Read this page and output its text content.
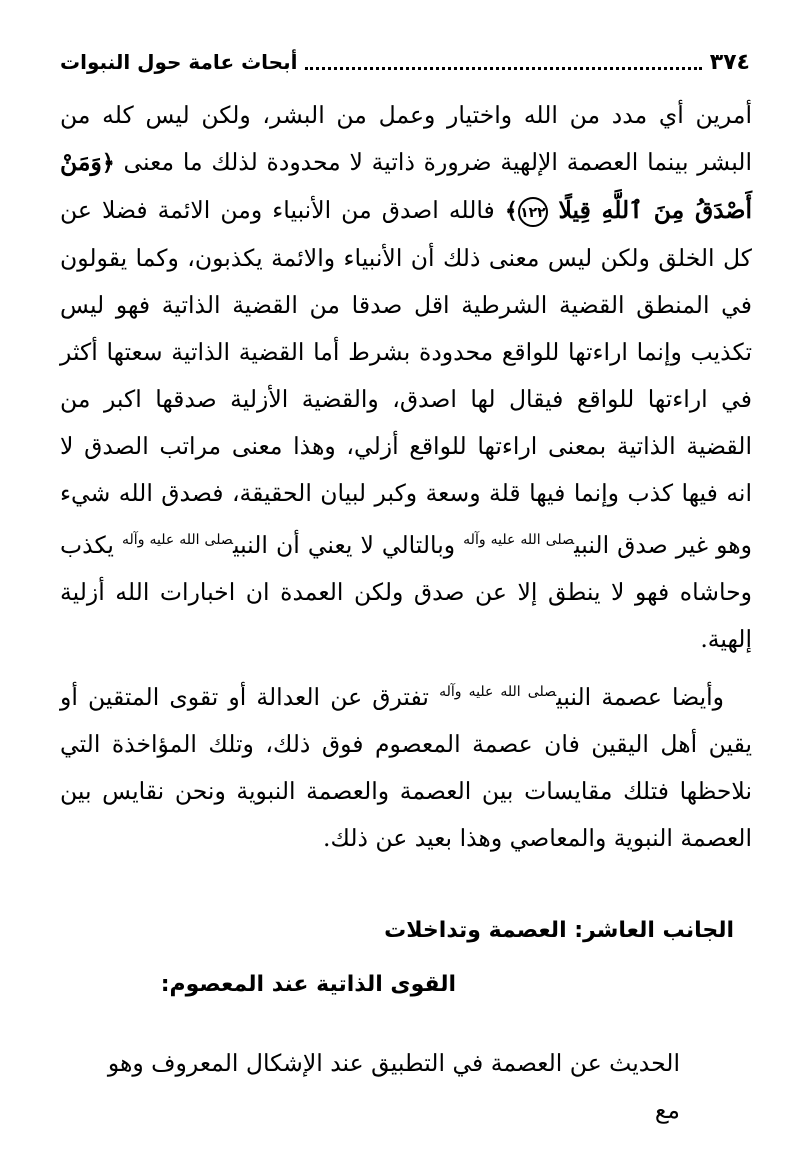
٣٧٤
أبحاث عامة حول النبوات

أمرين أي مدد من الله واختيار وعمل من البشر، ولكن ليس كله من البشر بينما العصمة الإلهية ضرورة ذاتية لا محدودة لذلك ما معنى ﴿وَمَنْ أَصْدَقُ مِنَ ٱللَّهِ قِيلًا ١٢٢﴾ فالله اصدق من الأنبياء ومن الائمة فضلا عن كل الخلق ولكن ليس معنى ذلك أن الأنبياء والائمة يكذبون، وكما يقولون في المنطق القضية الشرطية اقل صدقا من القضية الذاتية فهو ليس تكذيب وإنما اراءتها للواقع محدودة بشرط أما القضية الذاتية سعتها أكثر في اراءتها للواقع فيقال لها اصدق، والقضية الأزلية صدقها اكبر من القضية الذاتية بمعنى اراءتها للواقع أزلي، وهذا معنى مراتب الصدق لا انه فيها كذب وإنما فيها قلة وسعة وكبر لبيان الحقيقة، فصدق الله شيء وهو غير صدق النبي$^{صلى الله عليه وآله}$ وبالتالي لا يعني أن النبي$^{صلى الله عليه وآله}$ يكذب وحاشاه فهو لا ينطق إلا عن صدق ولكن العمدة ان اخبارات الله أزلية إلهية.

وأيضا عصمة النبي$^{صلى الله عليه وآله}$ تفترق عن العدالة أو تقوى المتقين أو يقين أهل اليقين فان عصمة المعصوم فوق ذلك، وتلك المؤاخذة التي نلاحظها فتلك مقايسات بين العصمة والعصمة النبوية ونحن نقايس بين العصمة النبوية والمعاصي وهذا بعيد عن ذلك.

الجانب العاشر: العصمة وتداخلات
القوى الذاتية عند المعصوم:
الحديث عن العصمة في التطبيق عند الإشكال المعروف وهو مع
